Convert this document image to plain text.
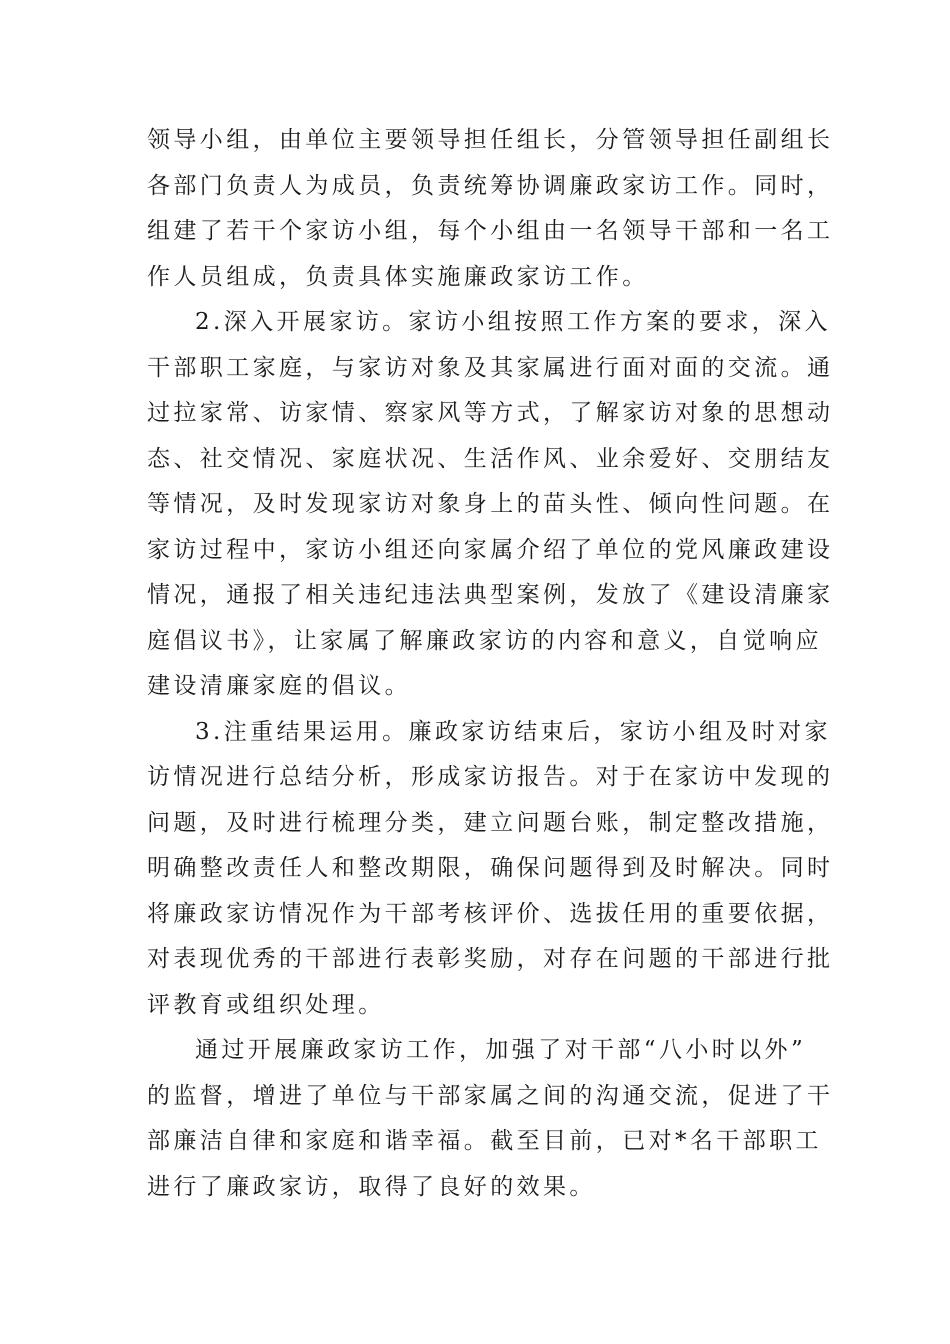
领导小组，由单位主要领导担任组长，分管领导担任副组长
各部门负责人为成员，负责统筹协调廉政家访工作。同时，
组建了若干个家访小组，每个小组由一名领导干部和一名工
作人员组成，负责具体实施廉政家访工作。
2.深入开展家访。家访小组按照工作方案的要求，深入
干部职工家庭，与家访对象及其家属进行面对面的交流。通
过拉家常、访家情、察家风等方式，了解家访对象的思想动
态、社交情况、家庭状况、生活作风、业余爱好、交朋结友
等情况，及时发现家访对象身上的苗头性、倾向性问题。在
家访过程中，家访小组还向家属介绍了单位的党风廉政建设
情况，通报了相关违纪违法典型案例，发放了《建设清廉家
庭倡议书》，让家属了解廉政家访的内容和意义，自觉响应
建设清廉家庭的倡议。
3.注重结果运用。廉政家访结束后，家访小组及时对家
访情况进行总结分析，形成家访报告。对于在家访中发现的
问题，及时进行梳理分类，建立问题台账，制定整改措施，
明确整改责任人和整改期限，确保问题得到及时解决。同时
将廉政家访情况作为干部考核评价、选拔任用的重要依据，
对表现优秀的干部进行表彰奖励，对存在问题的干部进行批
评教育或组织处理。
通过开展廉政家访工作，加强了对干部“八小时以外”
的监督，增进了单位与干部家属之间的沟通交流，促进了干
部廉洁自律和家庭和谐幸福。截至目前，已对*名干部职工
进行了廉政家访，取得了良好的效果。
